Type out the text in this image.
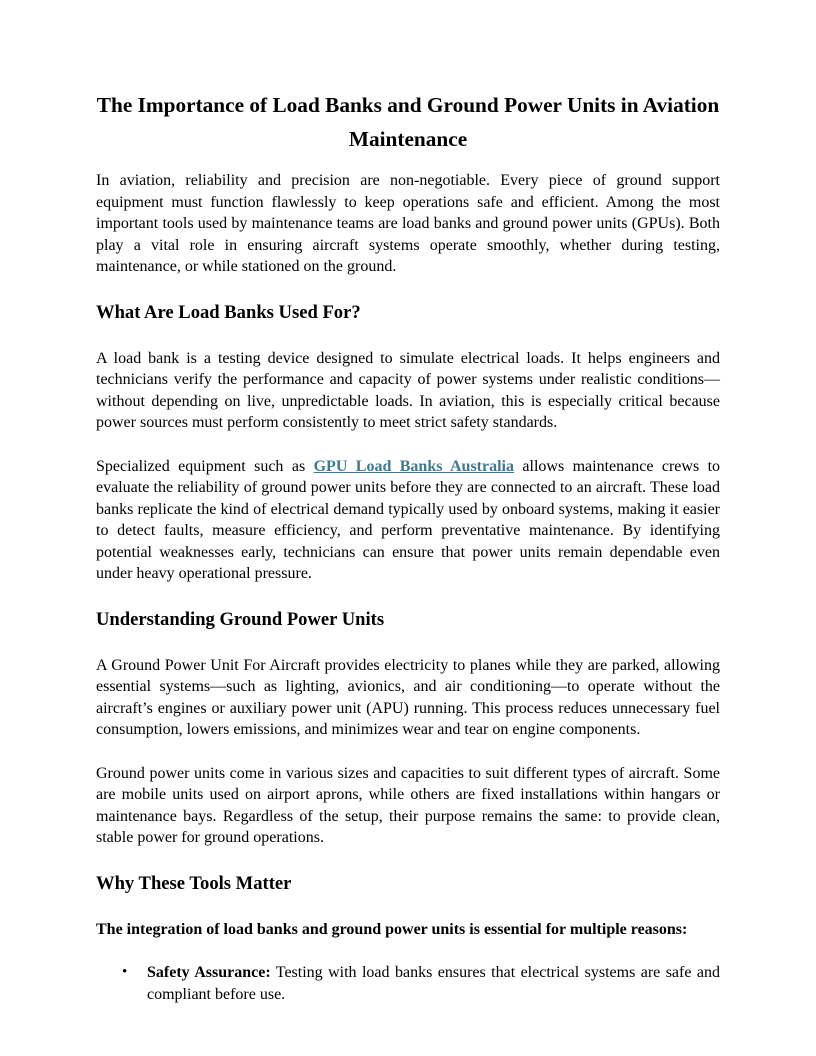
The Importance of Load Banks and Ground Power Units in Aviation Maintenance

In aviation, reliability and precision are non-negotiable. Every piece of ground support equipment must function flawlessly to keep operations safe and efficient. Among the most important tools used by maintenance teams are load banks and ground power units (GPUs). Both play a vital role in ensuring aircraft systems operate smoothly, whether during testing, maintenance, or while stationed on the ground.

What Are Load Banks Used For?

A load bank is a testing device designed to simulate electrical loads. It helps engineers and technicians verify the performance and capacity of power systems under realistic conditions—without depending on live, unpredictable loads. In aviation, this is especially critical because power sources must perform consistently to meet strict safety standards.

Specialized equipment such as GPU Load Banks Australia allows maintenance crews to evaluate the reliability of ground power units before they are connected to an aircraft. These load banks replicate the kind of electrical demand typically used by onboard systems, making it easier to detect faults, measure efficiency, and perform preventative maintenance. By identifying potential weaknesses early, technicians can ensure that power units remain dependable even under heavy operational pressure.

Understanding Ground Power Units

A Ground Power Unit For Aircraft provides electricity to planes while they are parked, allowing essential systems—such as lighting, avionics, and air conditioning—to operate without the aircraft’s engines or auxiliary power unit (APU) running. This process reduces unnecessary fuel consumption, lowers emissions, and minimizes wear and tear on engine components.

Ground power units come in various sizes and capacities to suit different types of aircraft. Some are mobile units used on airport aprons, while others are fixed installations within hangars or maintenance bays. Regardless of the setup, their purpose remains the same: to provide clean, stable power for ground operations.

Why These Tools Matter

The integration of load banks and ground power units is essential for multiple reasons:

•	Safety Assurance: Testing with load banks ensures that electrical systems are safe and compliant before use.
